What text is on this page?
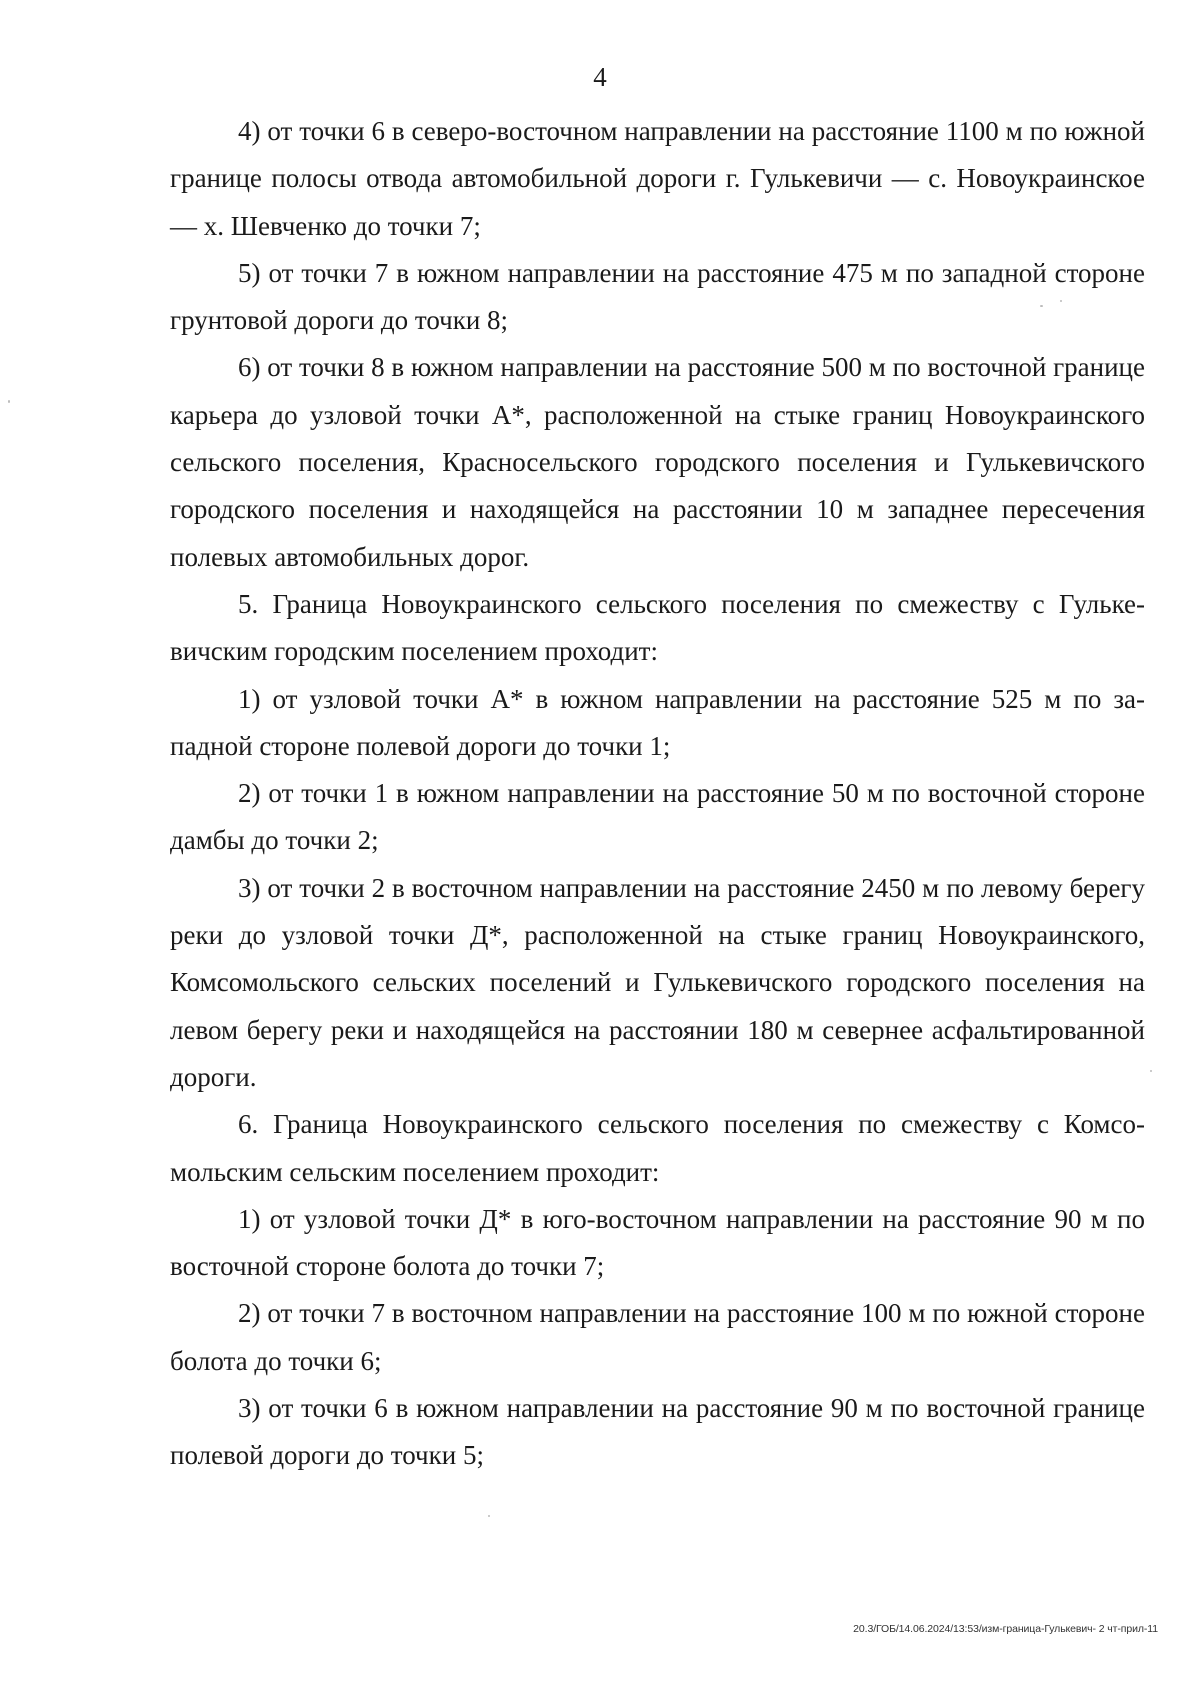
4

4) от точки 6 в северо-восточном направлении на расстояние 1100 м по южной границе полосы отвода автомобильной дороги г. Гулькевичи — с. Новоукраинское — х. Шевченко до точки 7;

5) от точки 7 в южном направлении на расстояние 475 м по западной стороне грунтовой дороги до точки 8;

6) от точки 8 в южном направлении на расстояние 500 м по восточной границе карьера до узловой точки А*, расположенной на стыке границ Новоукраинского сельского поселения, Красносельского городского поселения и Гулькевичского городского поселения и находящейся на расстоянии 10 м западнее пересечения полевых автомобильных дорог.

5. Граница Новоукраинского сельского поселения по смежеству с Гулькевичским городским поселением проходит:

1) от узловой точки А* в южном направлении на расстояние 525 м по западной стороне полевой дороги до точки 1;

2) от точки 1 в южном направлении на расстояние 50 м по восточной стороне дамбы до точки 2;

3) от точки 2 в восточном направлении на расстояние 2450 м по левому берегу реки до узловой точки Д*, расположенной на стыке границ Новоукраинского, Комсомольского сельских поселений и Гулькевичского городского поселения на левом берегу реки и находящейся на расстоянии 180 м севернее асфальтированной дороги.

6. Граница Новоукраинского сельского поселения по смежеству с Комсомольским сельским поселением проходит:

1) от узловой точки Д* в юго-восточном направлении на расстояние 90 м по восточной стороне болота до точки 7;

2) от точки 7 в восточном направлении на расстояние 100 м по южной стороне болота до точки 6;

3) от точки 6 в южном направлении на расстояние 90 м по восточной границе полевой дороги до точки 5;

20.3/ГОБ/14.06.2024/13:53/изм-граница-Гулькевич- 2 чт-прил-11
